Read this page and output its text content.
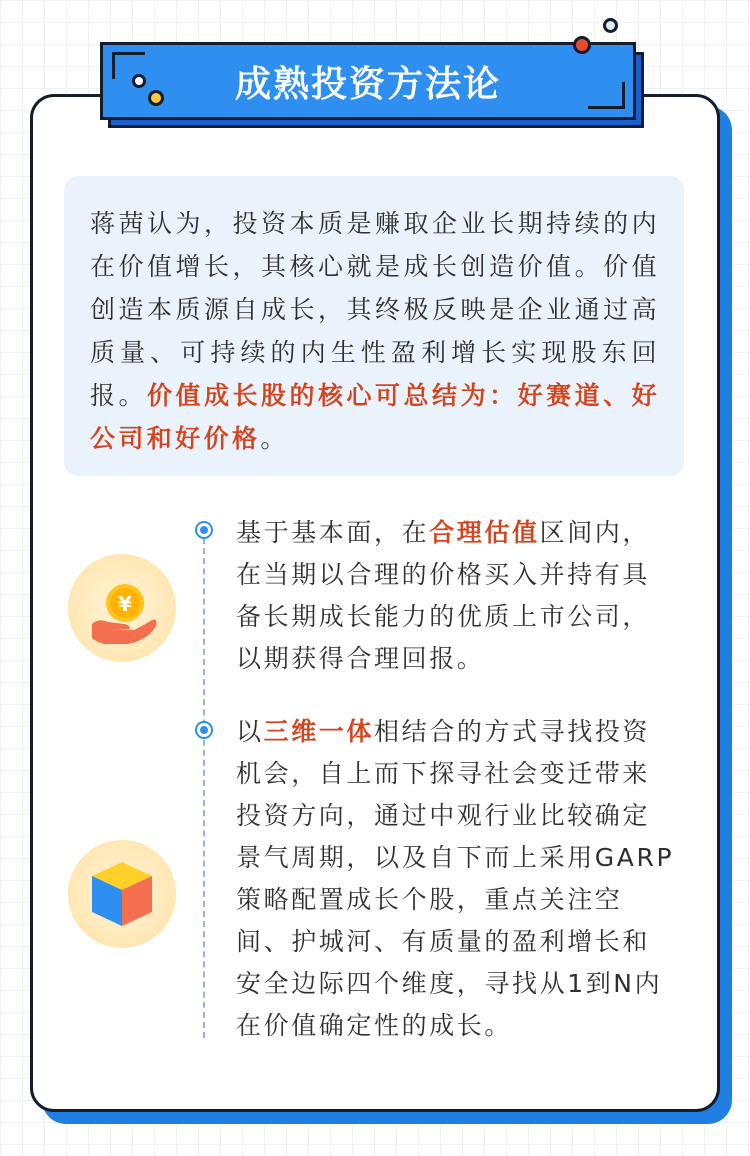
成熟投资方法论

蒋茜认为，投资本质是赚取企业长期持续的内在价值增长，其核心就是成长创造价值。价值创造本质源自成长，其终极反映是企业通过高质量、可持续的内生性盈利增长实现股东回报。价值成长股的核心可总结为：好赛道、好公司和好价格。

¥

基于基本面，在合理估值区间内，在当期以合理的价格买入并持有具备长期成长能力的优质上市公司，以期获得合理回报。

以三维一体相结合的方式寻找投资机会，自上而下探寻社会变迁带来投资方向，通过中观行业比较确定景气周期，以及自下而上采用GARP策略配置成长个股，重点关注空间、护城河、有质量的盈利增长和安全边际四个维度，寻找从1到N内在价值确定性的成长。
